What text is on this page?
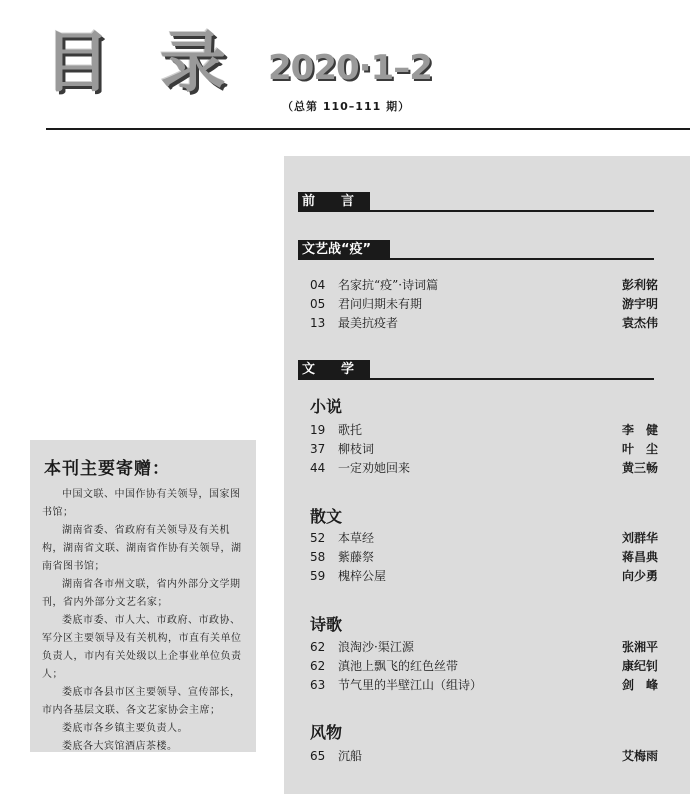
目 录 2020·1–2
（总第 110–111 期）
本刊主要寄赠：

中国文联、中国作协有关领导，国家图书馆；

湖南省委、省政府有关领导及有关机构，湖南省文联、湖南省作协有关领导，湖南省图书馆；

湖南省各市州文联，省内外部分文学期刊，省内外部分文艺名家；

娄底市委、市人大、市政府、市政协、军分区主要领导及有关机构，市直有关单位负责人，市内有关处级以上企事业单位负责人；

娄底市各县市区主要领导、宣传部长，市内各基层文联、各文艺家协会主席；

娄底市各乡镇主要负责人。

娄底各大宾馆酒店茶楼。

前　　言
文艺战“疫”
04 名家抗“疫”·诗词篇	彭利铭
05 君问归期未有期	游宇明
13 最美抗疫者	袁杰伟
文　　学
小说
19 歌托	李　健
37 柳枝词	叶　尘
44 一定劝她回来	黄三畅
散文
52 本草经	刘群华
58 紫藤祭	蒋昌典
59 槐梓公屋	向少勇
诗歌
62 浪淘沙·渠江源	张湘平
62 滇池上飘飞的红色丝带	康纪钊
63 节气里的半壁江山（组诗）	剑　峰
风物
65 沉船	艾梅雨
